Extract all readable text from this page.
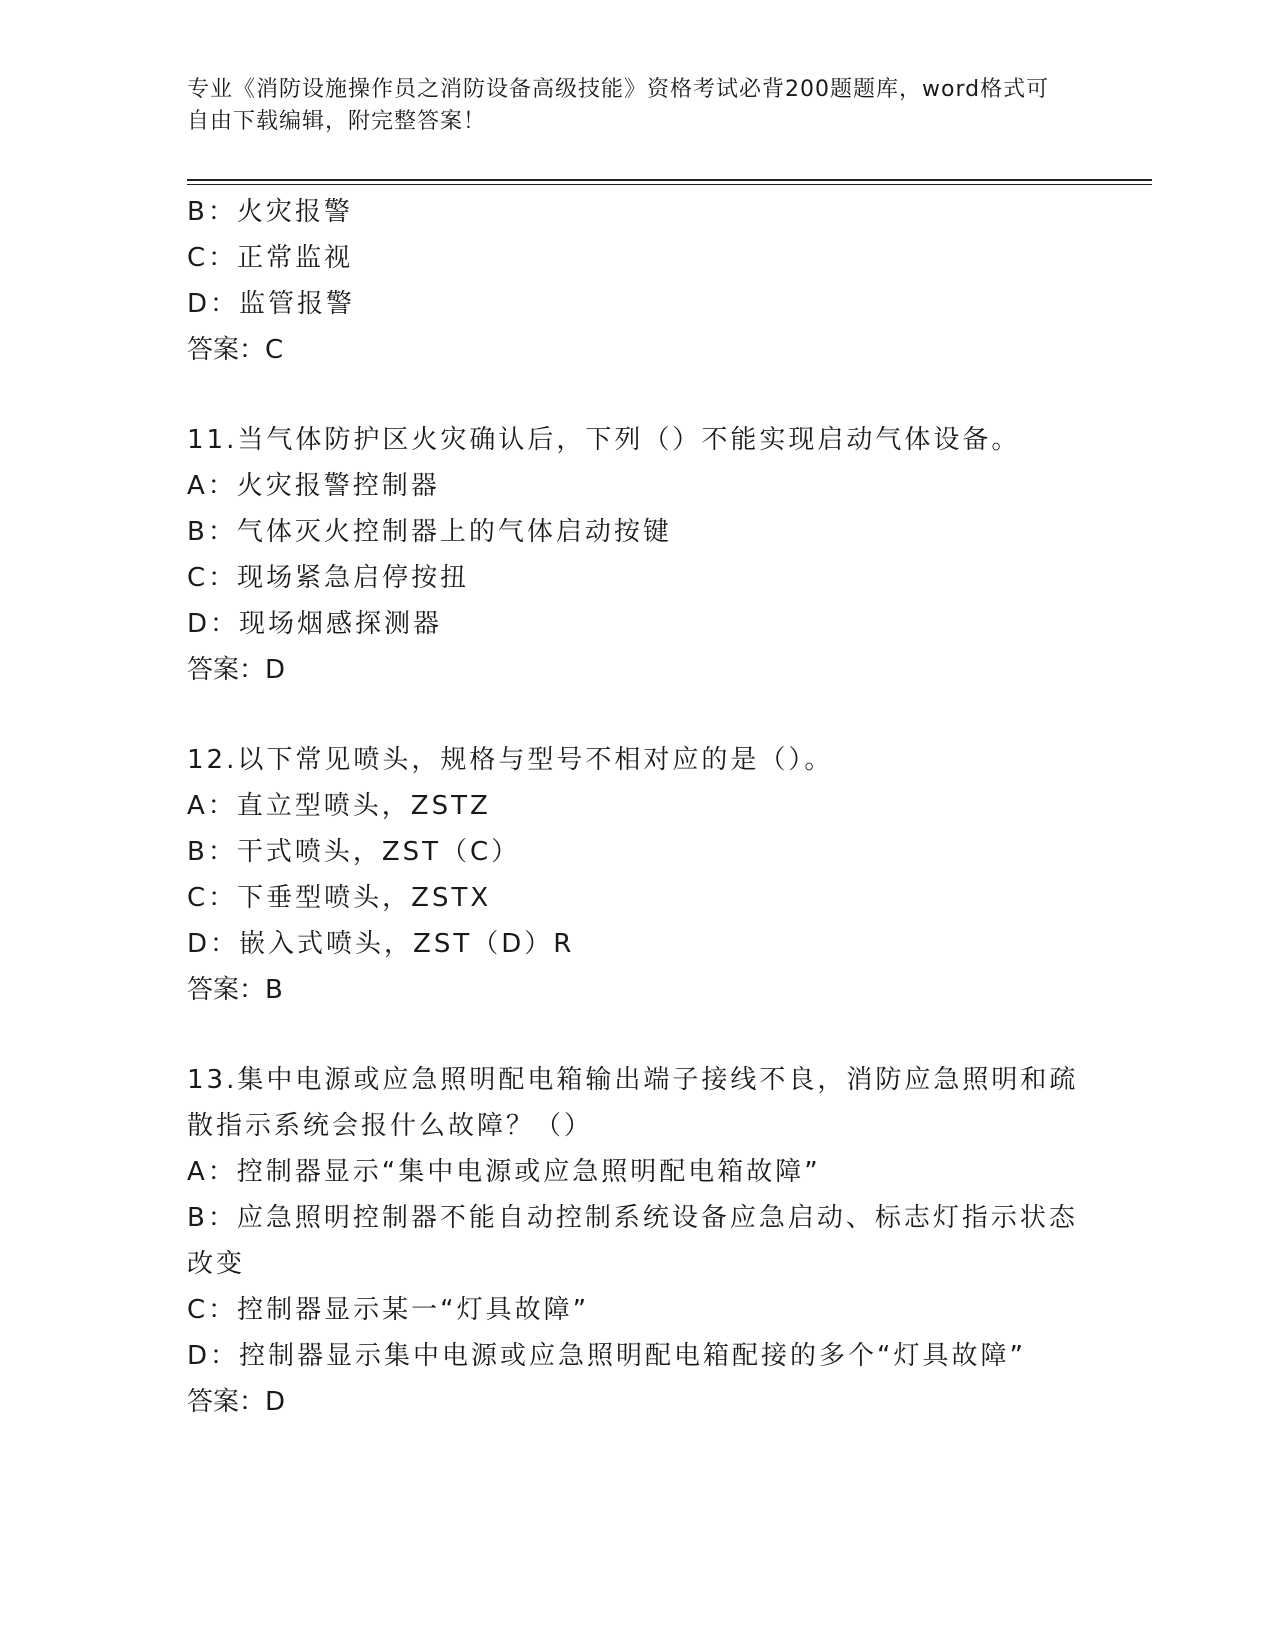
专业《消防设施操作员之消防设备高级技能》资格考试必背200题题库，word格式可自由下载编辑，附完整答案！

B：火灾报警

C：正常监视

D：监管报警

答案：C

11.当气体防护区火灾确认后，下列（）不能实现启动气体设备。

A：火灾报警控制器

B：气体灭火控制器上的气体启动按键

C：现场紧急启停按扭

D：现场烟感探测器

答案：D

12.以下常见喷头，规格与型号不相对应的是（）。

A：直立型喷头，ZSTZ

B：干式喷头，ZST（C）

C：下垂型喷头，ZSTX

D：嵌入式喷头，ZST（D）R

答案：B

13.集中电源或应急照明配电箱输出端子接线不良，消防应急照明和疏散指示系统会报什么故障？（）

A：控制器显示“集中电源或应急照明配电箱故障”

B：应急照明控制器不能自动控制系统设备应急启动、标志灯指示状态改变

C：控制器显示某一“灯具故障”

D：控制器显示集中电源或应急照明配电箱配接的多个“灯具故障”

答案：D
